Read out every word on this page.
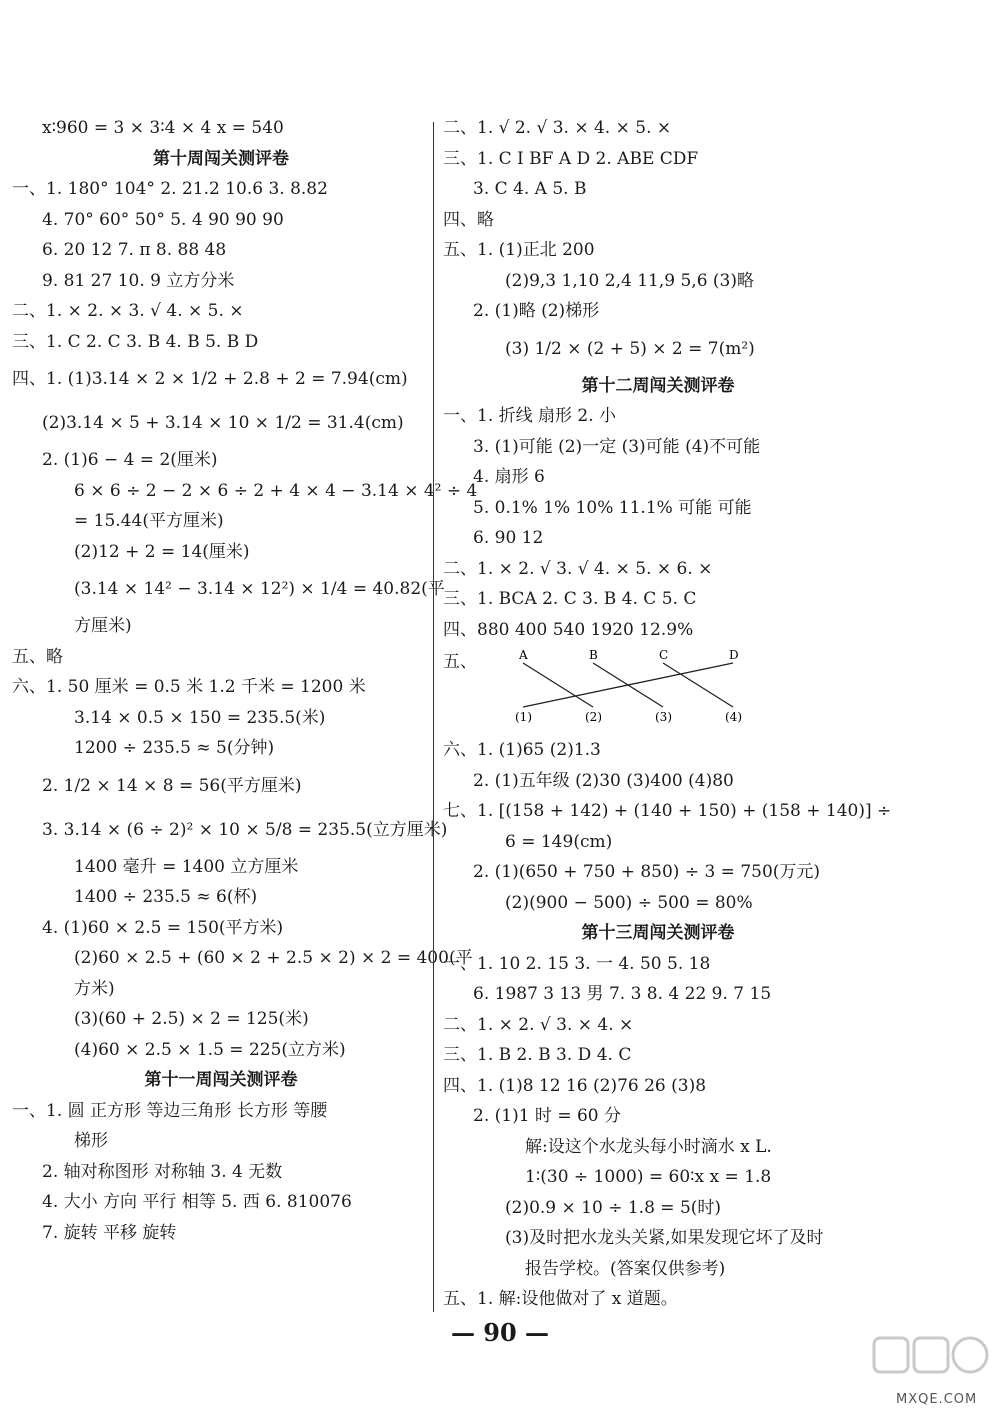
x∶960 = 3 × 3∶4 × 4 x = 540
第十周闯关测评卷
一、1. 180° 104° 2. 21.2 10.6 3. 8.82
4. 70° 60° 50° 5. 4 90 90 90
6. 20 12 7. π 8. 88 48
9. 81 27 10. 9 立方分米
二、1. × 2. × 3. √ 4. × 5. ×
三、1. C 2. C 3. B 4. B 5. B D
四、1. (1)3.14 × 2 × 1/2 + 2.8 + 2 = 7.94(cm)
(2)3.14 × 5 + 3.14 × 10 × 1/2 = 31.4(cm)
2. (1)6 − 4 = 2(厘米)
6 × 6 ÷ 2 − 2 × 6 ÷ 2 + 4 × 4 − 3.14 × 4² ÷ 4
= 15.44(平方厘米)
(2)12 + 2 = 14(厘米)
(3.14 × 14² − 3.14 × 12²) × 1/4 = 40.82(平
方厘米)
五、略
六、1. 50 厘米 = 0.5 米 1.2 千米 = 1200 米
3.14 × 0.5 × 150 = 235.5(米)
1200 ÷ 235.5 ≈ 5(分钟)
2. 1/2 × 14 × 8 = 56(平方厘米)
3. 3.14 × (6 ÷ 2)² × 10 × 5/8 = 235.5(立方厘米)
1400 毫升 = 1400 立方厘米
1400 ÷ 235.5 ≈ 6(杯)
4. (1)60 × 2.5 = 150(平方米)
(2)60 × 2.5 + (60 × 2 + 2.5 × 2) × 2 = 400(平
方米)
(3)(60 + 2.5) × 2 = 125(米)
(4)60 × 2.5 × 1.5 = 225(立方米)
第十一周闯关测评卷
一、1. 圆 正方形 等边三角形 长方形 等腰
梯形
2. 轴对称图形 对称轴 3. 4 无数
4. 大小 方向 平行 相等 5. 西 6. 810076
7. 旋转 平移 旋转
二、1. √ 2. √ 3. × 4. × 5. ×
三、1. C I BF A D 2. ABE CDF
3. C 4. A 5. B
四、略
五、1. (1)正北 200
(2)9,3 1,10 2,4 11,9 5,6 (3)略
2. (1)略 (2)梯形
(3) 1/2 × (2 + 5) × 2 = 7(m²)
第十二周闯关测评卷
一、1. 折线 扇形 2. 小
3. (1)可能 (2)一定 (3)可能 (4)不可能
4. 扇形 6
5. 0.1% 1% 10% 11.1% 可能 可能
6. 90 12
二、1. × 2. √ 3. √ 4. × 5. × 6. ×
三、1. BCA 2. C 3. B 4. C 5. C
四、880 400 540 1920 12.9%
五、	A	B	C	D
(1)	(2)	(3)	(4)
六、1. (1)65 (2)1.3
2. (1)五年级 (2)30 (3)400 (4)80
七、1. [(158 + 142) + (140 + 150) + (158 + 140)] ÷
6 = 149(cm)
2. (1)(650 + 750 + 850) ÷ 3 = 750(万元)
(2)(900 − 500) ÷ 500 = 80%
第十三周闯关测评卷
一、1. 10 2. 15 3. 一 4. 50 5. 18
6. 1987 3 13 男 7. 3 8. 4 22 9. 7 15
二、1. × 2. √ 3. × 4. ×
三、1. B 2. B 3. D 4. C
四、1. (1)8 12 16 (2)76 26 (3)8
2. (1)1 时 = 60 分
解:设这个水龙头每小时滴水 x L.
1∶(30 ÷ 1000) = 60∶x x = 1.8
(2)0.9 × 10 ÷ 1.8 = 5(时)
(3)及时把水龙头关紧,如果发现它坏了及时
报告学校。(答案仅供参考)
五、1. 解:设他做对了 x 道题。
— 90 —
MXQE.COM
